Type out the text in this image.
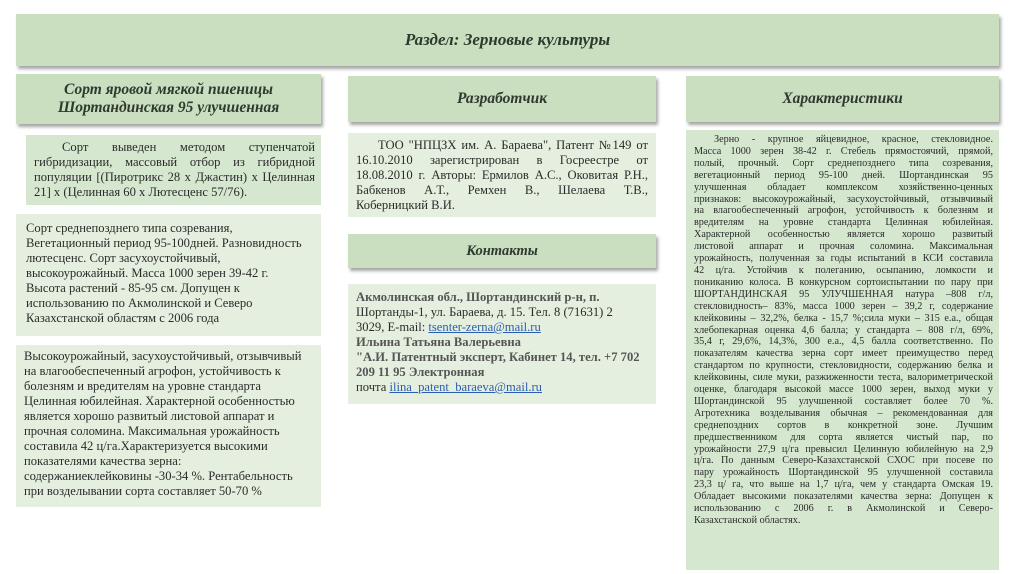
Раздел: Зерновые культуры
Сорт яровой мягкой пшеницы
Шортандинская 95 улучшенная
Сорт выведен методом ступенчатой
гибридизации, массовый отбор из гибридной
популяции [(Пиротрикс 28 х Джастин) х Целинная
21] х (Целинная 60 х Лютесценс 57/76).
Сорт среднепозднего типа созревания,
Вегетационный период 95-100дней. Разновидность
лютесценс. Сорт засухоустойчивый,
высокоурожайный. Масса 1000 зерен 39-42 г.
Высота растений - 85-95 см. Допущен к
использованию по Акмолинской и Северо
Казахстанской областям с 2006 года
Высокоурожайный, засухоустойчивый, отзывчивый
на влагообеспеченный агрофон, устойчивость к
болезням и вредителям на уровне стандарта
Целинная юбилейная. Характерной особенностью
является хорошо развитый листовой аппарат и
прочная соломина. Максимальная урожайность
составила 42 ц/га.Характеризуется высокими
показателями качества зерна:
содержаниеклейковины -30-34 %. Рентабельность
при возделывании сорта составляет 50-70 %
Разработчик
ТОО "НПЦЗХ им. А. Бараева", Патент №149 от
16.10.2010 зарегистрирован в Госреестре от
18.08.2010 г. Авторы: Ермилов А.С., Оковитая Р.Н.,
Бабкенов А.Т., Ремхен В., Шелаева Т.В.,
Коберницкий В.И.
Контакты
Акмолинская обл., Шортандинский р-н, п.
Шортанды-1, ул. Бараева, д. 15. Тел. 8 (71631) 2
3029, E-mail: tsenter-zerna@mail.ru
Ильина Татьяна Валерьевна
"А.И. Патентный эксперт, Кабинет 14, тел. +7 702
209 11 95 Электронная
почта ilina_patent_baraeva@mail.ru
Характеристики
Зерно - крупное яйцевидное, красное, стекловидное.
Масса 1000 зерен 38-42 г. Стебель прямостоячий, прямой,
полый, прочный. Сорт среднепозднего типа созревания,
вегетационный период 95-100 дней. Шортандинская 95
улучшенная обладает комплексом хозяйственно-ценных
признаков: высокоурожайный, засухоустойчивый, отзывчивый
на влагообеспеченный агрофон, устойчивость к болезням и
вредителям на уровне стандарта Целинная юбилейная.
Характерной особенностью является хорошо развитый
листовой аппарат и прочная соломина. Максимальная
урожайность, полученная за годы испытаний в КСИ составила
42 ц/га. Устойчив к полеганию, осыпанию, ломкости и
пониканию колоса. В конкурсном сортоиспытании по пару при
ШОРТАНДИНСКАЯ 95 УЛУЧШЕННАЯ натура –808 г/л,
стекловидность– 83%, масса 1000 зерен – 39,2 г, содержание
клейковины – 32,2%, белка - 15,7 %;сила муки – 315 е.а., общая
хлебопекарная оценка 4,6 балла; у стандарта – 808 г/л, 69%,
35,4 г, 29,6%, 14,3%, 300 е.а., 4,5 балла соответственно. По
показателям качества зерна сорт имеет преимущество перед
стандартом по крупности, стекловидности, содержанию белка и
клейковины, силе муки, разжиженности теста, валориметрической
оценке, благодаря высокой массе 1000 зерен, выход муки у
Шортандинской 95 улучшенной составляет более 70 %.
Агротехника возделывания обычная – рекомендованная для
среднепоздних сортов в конкретной зоне. Лучшим
предшественником для сорта является чистый пар, по
урожайности 27,9 ц/га превысил Целинную юбилейную на 2,9
ц/га. По данным Северо-Казахстанской СХОС при посеве по
пару урожайность Шортандинской 95 улучшенной составила
23,3 ц/ га, что выше на 1,7 ц/га, чем у стандарта Омская 19.
Обладает высокими показателями качества зерна: Допущен к
использованию с 2006 г. в Акмолинской и Северо-
Казахстанской областях.
